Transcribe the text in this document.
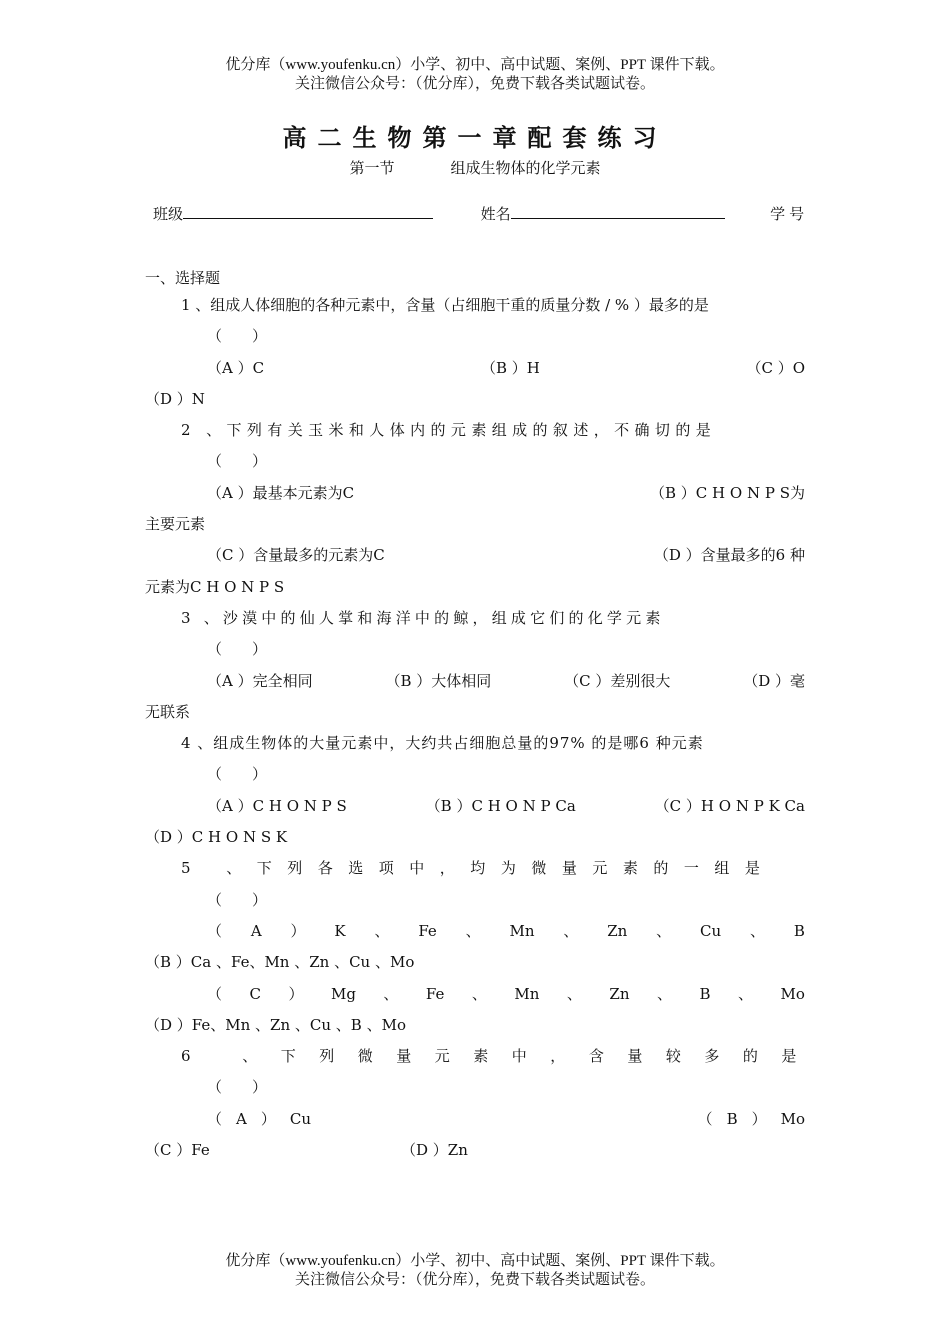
优分库（www.youfenku.cn）小学、初中、高中试题、案例、PPT 课件下载。
关注微信公众号：（优分库），免费下载各类试题试卷。
高二生物第一章配套练习
第一节	组成生物体的化学元素
班级	姓名	学号
一、选择题
1 、组成人体细胞的各种元素中，含量（占细胞干重的质量分数 / % ）最多的是
（　　）
（A ）C	（B ）H	（C ）O
（D ）N
2 、下列有关玉米和人体内的元素组成的叙述，不确切的是
（　　）
（A ）最基本元素为C	（B ）C H O N P S为
主要元素
（C ）含量最多的元素为C	（D ）含量最多的6 种
元素为C H O N P S
3 、沙漠中的仙人掌和海洋中的鲸，组成它们的化学元素
（　　）
（A ）完全相同	（B ）大体相同	（C ）差别很大	（D ）毫
无联系
4 、组成生物体的大量元素中，大约共占细胞总量的97% 的是哪6 种元素
（　　）
（A ）C H O N P S	（B ）C H O N P Ca	（C ）H O N P K Ca
（D ）C H O N S K
5 、下列各选项中，均为微量元素的一组是
（　　）
（ A ） K 、 Fe 、 Mn 、 Zn 、 Cu 、 B
（B ）Ca 、Fe、Mn 、Zn 、Cu 、Mo
（ C ） Mg 、 Fe 、 Mn 、 Zn 、 B 、 Mo
（D ）Fe、Mn 、Zn 、Cu 、B 、Mo
6 、下列微量元素中，含量较多的是
（　　）
（ A ） Cu	（ B ） Mo
（C ）Fe	（D ）Zn
优分库（www.youfenku.cn）小学、初中、高中试题、案例、PPT 课件下载。
关注微信公众号：（优分库），免费下载各类试题试卷。
